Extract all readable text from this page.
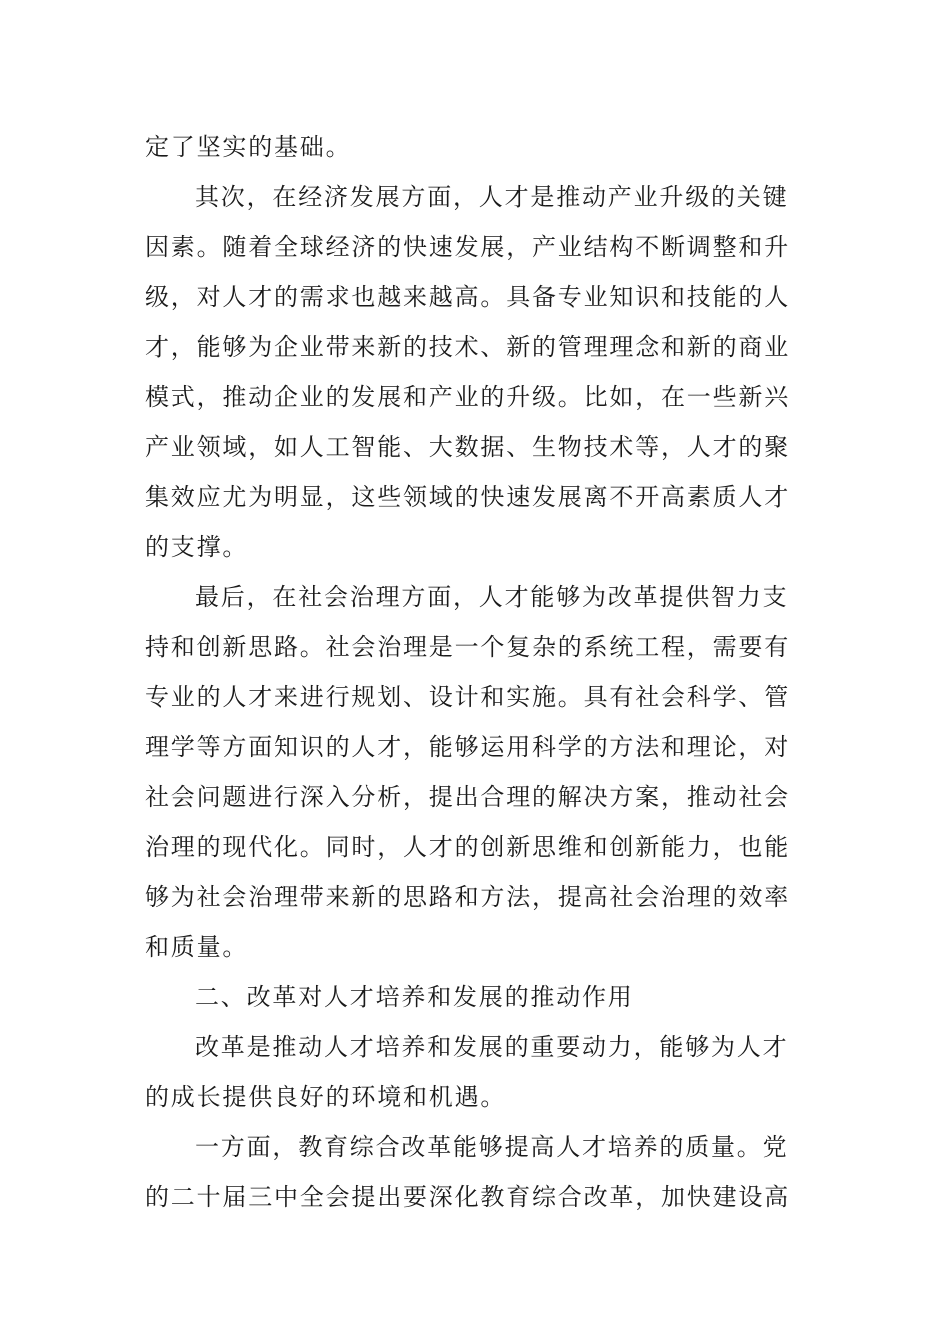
定了坚实的基础。
其次，在经济发展方面，人才是推动产业升级的关键
因素。随着全球经济的快速发展，产业结构不断调整和升
级，对人才的需求也越来越高。具备专业知识和技能的人
才，能够为企业带来新的技术、新的管理理念和新的商业
模式，推动企业的发展和产业的升级。比如，在一些新兴
产业领域，如人工智能、大数据、生物技术等，人才的聚
集效应尤为明显，这些领域的快速发展离不开高素质人才
的支撑。
最后，在社会治理方面，人才能够为改革提供智力支
持和创新思路。社会治理是一个复杂的系统工程，需要有
专业的人才来进行规划、设计和实施。具有社会科学、管
理学等方面知识的人才，能够运用科学的方法和理论，对
社会问题进行深入分析，提出合理的解决方案，推动社会
治理的现代化。同时，人才的创新思维和创新能力，也能
够为社会治理带来新的思路和方法，提高社会治理的效率
和质量。
二、改革对人才培养和发展的推动作用
改革是推动人才培养和发展的重要动力，能够为人才
的成长提供良好的环境和机遇。
一方面，教育综合改革能够提高人才培养的质量。党
的二十届三中全会提出要深化教育综合改革，加快建设高
